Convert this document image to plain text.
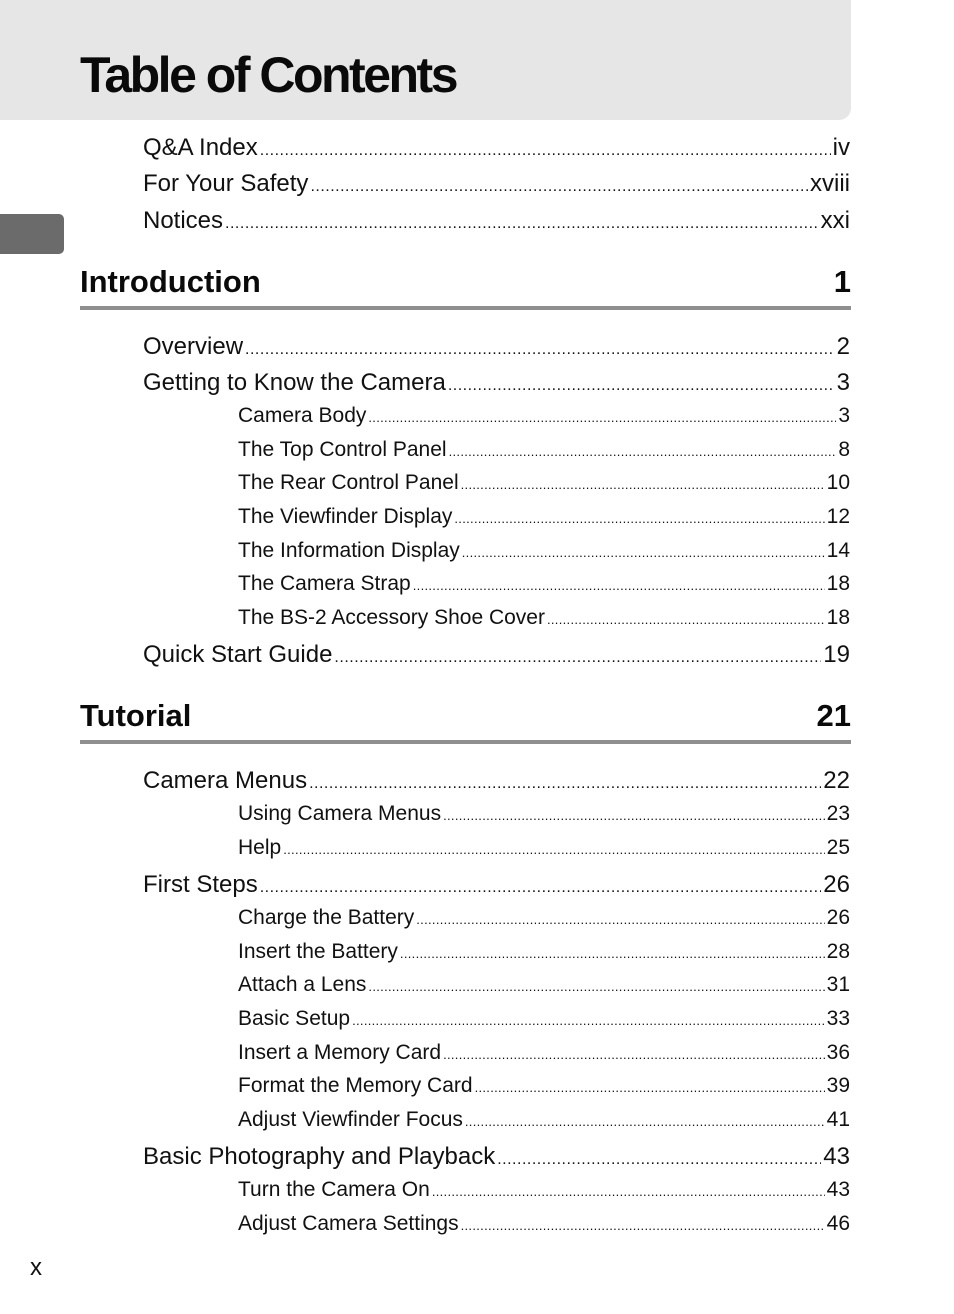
Table of Contents
Q&A Index .....	iv
For Your Safety .....	xviii
Notices .....	xxi
Introduction	1
Overview .....	2
Getting to Know the Camera .....	3
Camera Body .....	3
The Top Control Panel .....	8
The Rear Control Panel .....	10
The Viewfinder Display .....	12
The Information Display .....	14
The Camera Strap .....	18
The BS-2 Accessory Shoe Cover .....	18
Quick Start Guide .....	19
Tutorial	21
Camera Menus .....	22
Using Camera Menus .....	23
Help .....	25
First Steps .....	26
Charge the Battery .....	26
Insert the Battery .....	28
Attach a Lens .....	31
Basic Setup .....	33
Insert a Memory Card .....	36
Format the Memory Card .....	39
Adjust Viewfinder Focus .....	41
Basic Photography and Playback .....	43
Turn the Camera On .....	43
Adjust Camera Settings .....	46
x
